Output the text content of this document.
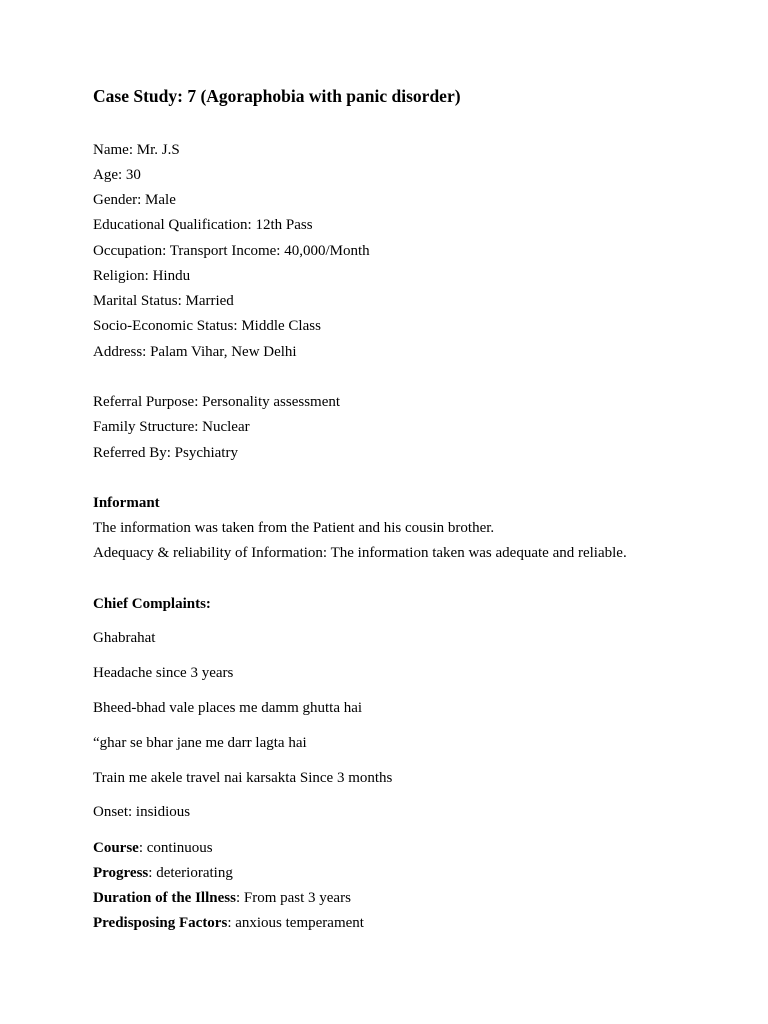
Case Study: 7 (Agoraphobia with panic disorder)
Name: Mr. J.S
Age: 30
Gender: Male
Educational Qualification: 12th Pass
Occupation: Transport Income: 40,000/Month
Religion: Hindu
Marital Status: Married
Socio-Economic Status: Middle Class
Address: Palam Vihar, New Delhi
Referral Purpose: Personality assessment
Family Structure: Nuclear
Referred By: Psychiatry
Informant
The information was taken from the Patient and his cousin brother.
Adequacy & reliability of Information: The information taken was adequate and reliable.
Chief Complaints:
Ghabrahat
Headache since 3 years
Bheed-bhad vale places me damm ghutta hai
“ghar se bhar jane me darr lagta hai
Train me akele travel nai karsakta Since 3 months
Onset: insidious
Course: continuous
Progress: deteriorating
Duration of the Illness: From past 3 years
Predisposing Factors: anxious temperament
